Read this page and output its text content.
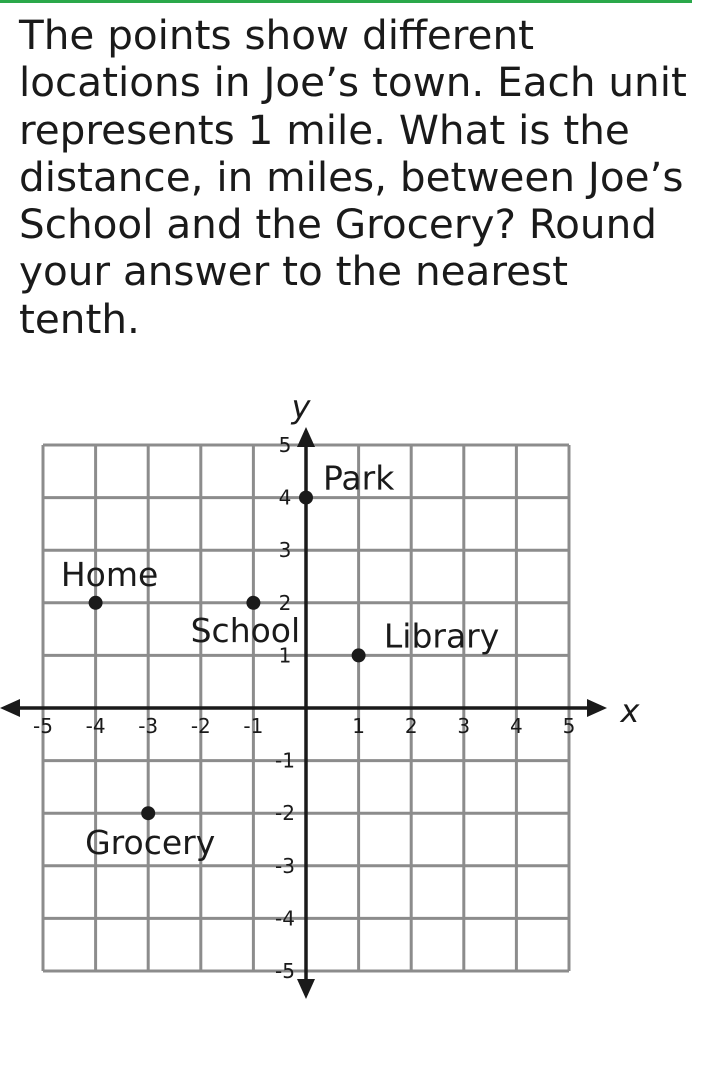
The points show different
locations in Joe’s town. Each unit
represents 1 mile. What is the
distance, in miles, between Joe’s
School and the Grocery? Round
your answer to the nearest
tenth.

x
y
-5 -4 -3 -2 -1	1 2 3 4 5
5
4
3
2
1
-1
-2
-3
-4
-5
Park
Home
School	Library
Grocery
